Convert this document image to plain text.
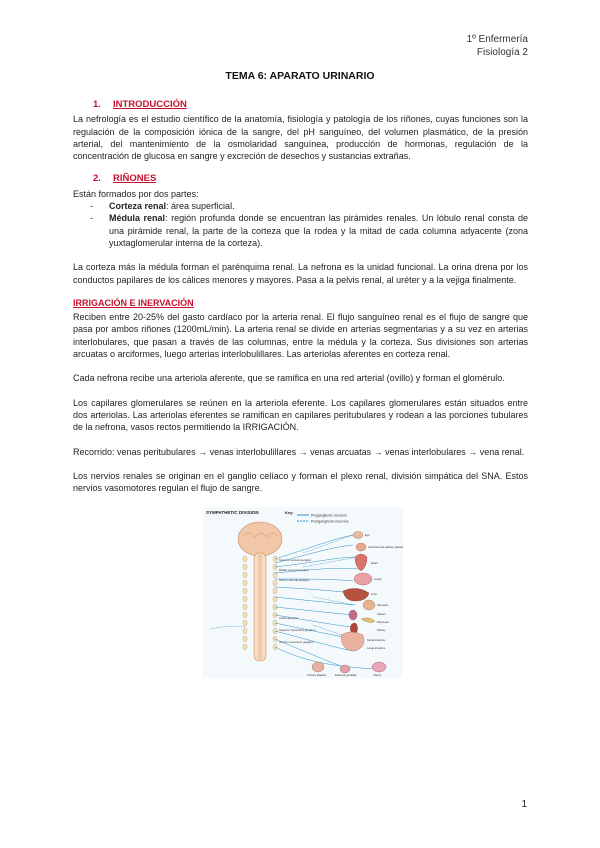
1º Enfermería
Fisiología 2
TEMA 6: APARATO URINARIO
1. INTRODUCCIÓN

La nefrología es el estudio científico de la anatomía, fisiología y patología de los riñones, cuyas funciones son la regulación de la composición iónica de la sangre, del pH sanguíneo, del volumen plasmático, de la presión arterial, del mantenimiento de la osmolaridad sanguínea, producción de hormonas, regulación de la concentración de glucosa en sangre y excreción de desechos y sustancias extrañas.

2. RIÑONES

Están formados por dos partes:

- Corteza renal: área superficial.
- Médula renal: región profunda donde se encuentran las pirámides renales. Un lóbulo renal consta de una pirámide renal, la parte de la corteza que la rodea y la mitad de cada columna adyacente (zona yuxtaglomerular interna de la corteza).

La corteza más la médula forman el parénquima renal. La nefrona es la unidad funcional. La orina drena por los conductos papilares de los cálices menores y mayores. Pasa a la pelvis renal, al uréter y a la vejiga finalmente.

IRRIGACIÓN E INERVACIÓN

Reciben entre 20-25% del gasto cardíaco por la arteria renal. El flujo sanguíneo renal es el flujo de sangre que pasa por ambos riñones (1200mL/min). La arteria renal se divide en arterias segmentarias y a su vez en arterias interlobulares, que pasan a través de las columnas, entre la médula y la corteza. Sus divisiones son arterias arcuatas o arciformes, luego arterias interlobulillares. Las arteriolas aferentes en corteza renal.

Cada nefrona recibe una arteriola aferente, que se ramifica en una red arterial (ovillo) y forman el glomérulo.

Los capilares glomerulares se reúnen en la arteriola eferente. Los capilares glomerulares están situados entre dos arteriolas. Las arteriolas eferentes se ramifican en capilares peritubulares y rodean a las porciones tubulares de la nefrona, vasos rectos permitiendo la IRRIGACIÓN.

Recorrido: venas peritubulares → venas interlobulillares → venas arcuatas → venas interlobulares → vena renal.

Los nervios renales se originan en el ganglio celíaco y forman el plexo renal, división simpática del SNA. Estos nervios vasomotores regulan el flujo de sangre.

SYMPATHETIC DIVISION	Key:
Preganglionic neurons
Postganglionic neurons
Superior cervical ganglion
Middle cervical ganglion
Inferior cervical ganglion
Celiac ganglion
Superior mesenteric ganglion
Inferior mesenteric ganglion
Eye
Lacrimal and salivary glands
Heart
Lungs
Liver
Stomach
Spleen
Pancreas
Kidney
Small intestine
Large intestine
Urinary bladder	External genitalia	Uterus
1
